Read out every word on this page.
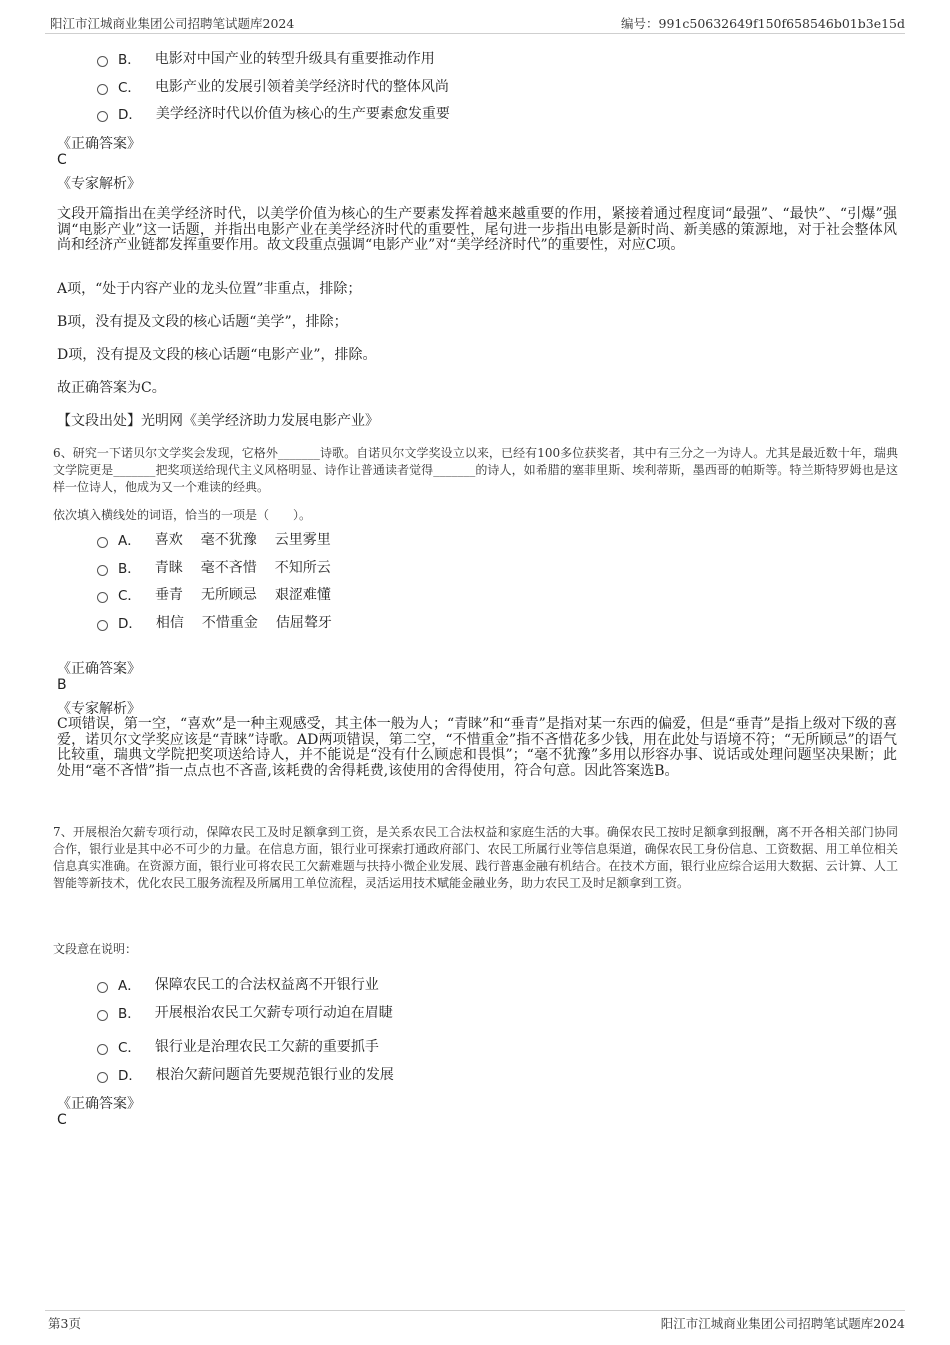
阳江市江城商业集团公司招聘笔试题库2024	编号：991c50632649f150f658546b01b3e15d
B． 电影对中国产业的转型升级具有重要推动作用
C． 电影产业的发展引领着美学经济时代的整体风尚
D． 美学经济时代以价值为核心的生产要素愈发重要
《正确答案》
C
《专家解析》
文段开篇指出在美学经济时代，以美学价值为核心的生产要素发挥着越来越重要的作用，紧接着通过程度词“最强”、“最快”、“引爆”强调“电影产业”这一话题，并指出电影产业在美学经济时代的重要性，尾句进一步指出电影是新时尚、新美感的策源地，对于社会整体风尚和经济产业链都发挥重要作用。故文段重点强调“电影产业”对“美学经济时代”的重要性，对应C项。
A项，“处于内容产业的龙头位置”非重点，排除；
B项，没有提及文段的核心话题“美学”，排除；
D项，没有提及文段的核心话题“电影产业”，排除。
故正确答案为C。
【文段出处】光明网《美学经济助力发展电影产业》
6、研究一下诺贝尔文学奖会发现，它格外_______诗歌。自诺贝尔文学奖设立以来，已经有100多位获奖者，其中有三分之一为诗人。尤其是最近数十年，瑞典文学院更是_______把奖项送给现代主义风格明显、诗作让普通读者觉得_______的诗人，如希腊的塞菲里斯、埃利蒂斯，墨西哥的帕斯等。特兰斯特罗姆也是这样一位诗人，他成为又一个难读的经典。
依次填入横线处的词语，恰当的一项是（　　）。
A． 喜欢 毫不犹豫 云里雾里
B． 青睐 毫不吝惜 不知所云
C． 垂青 无所顾忌 艰涩难懂
D． 相信 不惜重金 佶屈聱牙
《正确答案》
B
《专家解析》
C项错误，第一空，“喜欢”是一种主观感受，其主体一般为人；“青睐”和“垂青”是指对某一东西的偏爱，但是“垂青”是指上级对下级的喜爱，诺贝尔文学奖应该是“青睐”诗歌。AD两项错误，第二空，“不惜重金”指不吝惜花多少钱，用在此处与语境不符；“无所顾忌”的语气比较重，瑞典文学院把奖项送给诗人，并不能说是“没有什么顾虑和畏惧”；“毫不犹豫”多用以形容办事、说话或处理问题坚决果断；此处用“毫不吝惜”指一点点也不吝啬,该耗费的舍得耗费,该使用的舍得使用，符合句意。因此答案选B。
7、开展根治欠薪专项行动，保障农民工及时足额拿到工资，是关系农民工合法权益和家庭生活的大事。确保农民工按时足额拿到报酬，离不开各相关部门协同合作，银行业是其中必不可少的力量。在信息方面，银行业可探索打通政府部门、农民工所属行业等信息渠道，确保农民工身份信息、工资数据、用工单位相关信息真实准确。在资源方面，银行业可将农民工欠薪难题与扶持小微企业发展、践行普惠金融有机结合。在技术方面，银行业应综合运用大数据、云计算、人工智能等新技术，优化农民工服务流程及所属用工单位流程，灵活运用技术赋能金融业务，助力农民工及时足额拿到工资。
文段意在说明：
A． 保障农民工的合法权益离不开银行业
B． 开展根治农民工欠薪专项行动迫在眉睫
C． 银行业是治理农民工欠薪的重要抓手
D． 根治欠薪问题首先要规范银行业的发展
《正确答案》
C
第3页	阳江市江城商业集团公司招聘笔试题库2024
